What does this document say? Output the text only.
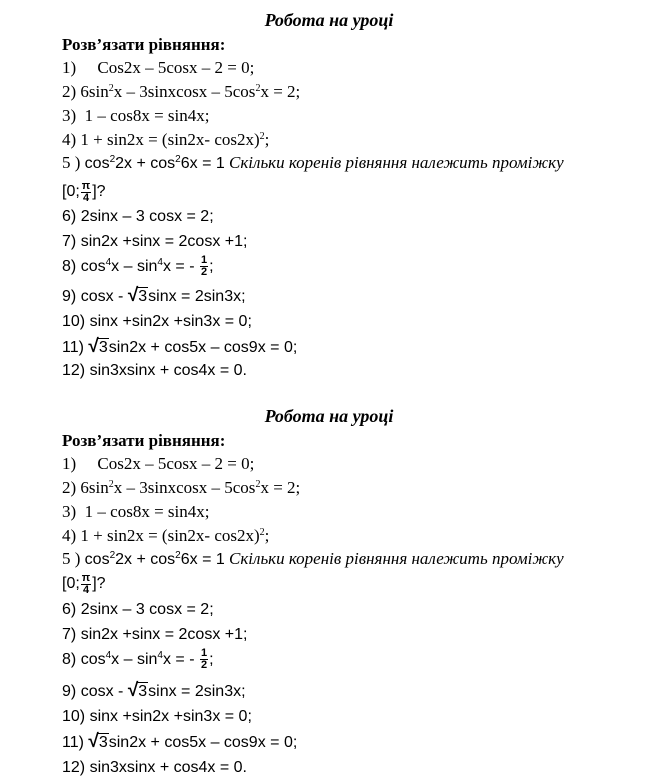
Робота на уроці
Розв’язати рівняння:
1) Cos2x – 5cosx – 2 = 0;
2) $6\sin^2x$ – 3sinxcosx – $5\cos^2x = 2$;
3) 1 – cos8x = sin4x;
4) 1 + sin2x = (sin2x- cos2x)$^2$;
5 ) $\cos^22x + \cos^26x = 1$ Скільки коренів рівняння належить проміжку
[0; $\frac{\pi}{4}$ ]?
6) 2sinx – 3 cosx = 2;
7) sin2x +sinx = 2cosx +1;
8) $\cos^4x - \sin^4x$ = - $\frac{1}{2}$ ;
9) cosx - √3sinx = 2sin3x;
10) sinx +sin2x +sin3x = 0;
11) √3sin2x + cos5x – cos9x = 0;
12) sin3xsinx + cos4x = 0.
Робота на уроці
Розв’язати рівняння:
1) Cos2x – 5cosx – 2 = 0;
2) $6\sin^2x$ – 3sinxcosx – $5\cos^2x = 2$;
3) 1 – cos8x = sin4x;
4) 1 + sin2x = (sin2x- cos2x)$^2$;
5 ) $\cos^22x + \cos^26x = 1$ Скільки коренів рівняння належить проміжку
[0; $\frac{\pi}{4}$ ]?
6) 2sinx – 3 cosx = 2;
7) sin2x +sinx = 2cosx +1;
8) $\cos^4x - \sin^4x$ = - $\frac{1}{2}$ ;
9) cosx - √3sinx = 2sin3x;
10) sinx +sin2x +sin3x = 0;
11) √3sin2x + cos5x – cos9x = 0;
12) sin3xsinx + cos4x = 0.
